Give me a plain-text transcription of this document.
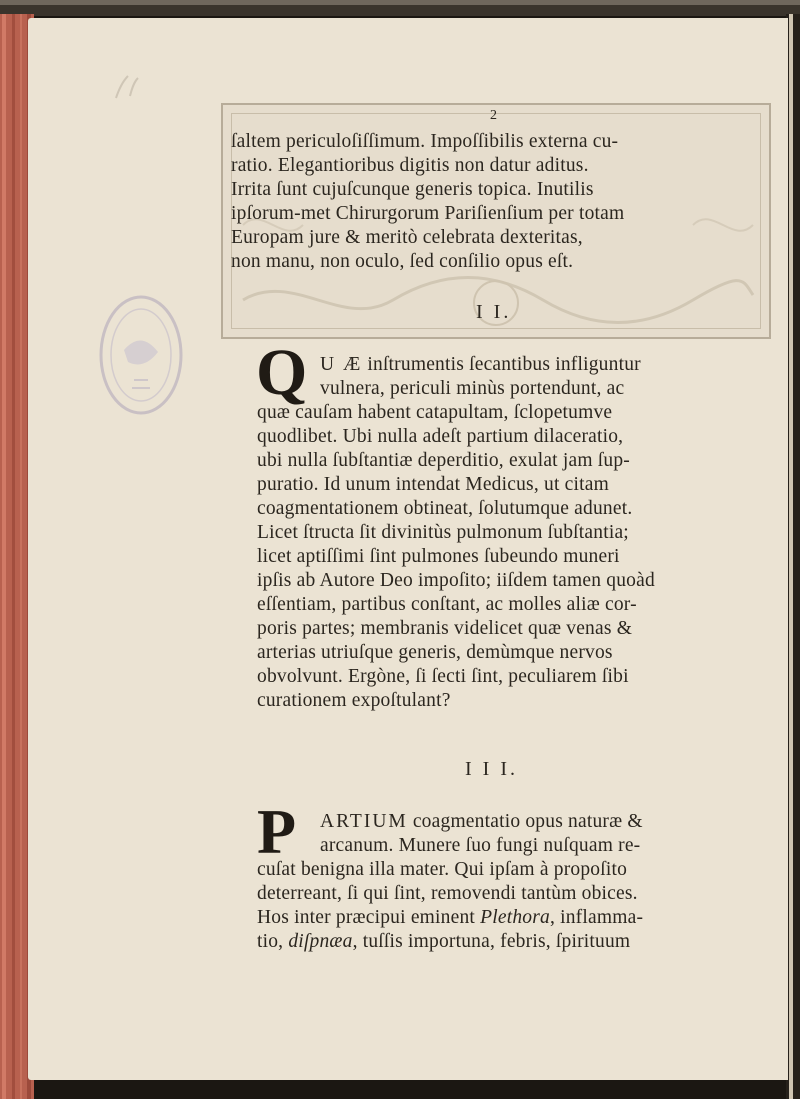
2
ſaltem periculoſiſſimum. Impoſſibilis externa cu-
ratio. Elegantioribus digitis non datur aditus.
Irrita ſunt cujuſcunque generis topica. Inutilis
ipſorum-met Chirurgorum Pariſienſium per totam
Europam jure & meritò celebrata dexteritas,
non manu, non oculo, ſed conſilio opus eſt.
I I.
Q U Æ inſtrumentis ſecantibus infliguntur
vulnera, periculi minùs portendunt, ac
quæ cauſam habent catapultam, ſclopetumve
quodlibet. Ubi nulla adeſt partium dilaceratio,
ubi nulla ſubſtantiæ deperditio, exulat jam ſup-
puratio. Id unum intendat Medicus, ut citam
coagmentationem obtineat, ſolutumque adunet.
Licet ſtructa ſit divinitùs pulmonum ſubſtantia;
licet aptiſſimi ſint pulmones ſubeundo muneri
ipſis ab Autore Deo impoſito; iiſdem tamen quoàd
eſſentiam, partibus conſtant, ac molles aliæ cor-
poris partes; membranis videlicet quæ venas &
arterias utriuſque generis, demùmque nervos
obvolvunt. Ergòne, ſi ſecti ſint, peculiarem ſibi
curationem expoſtulant?
I I I.
P ARTIUM coagmentatio opus naturæ &
arcanum. Munere ſuo fungi nuſquam re-
cuſat benigna illa mater. Qui ipſam à propoſito
deterreant, ſi qui ſint, removendi tantùm obices.
Hos inter præcipui eminent Plethora, inflamma-
tio, diſpnæa, tuſſis importuna, febris, ſpirituum
